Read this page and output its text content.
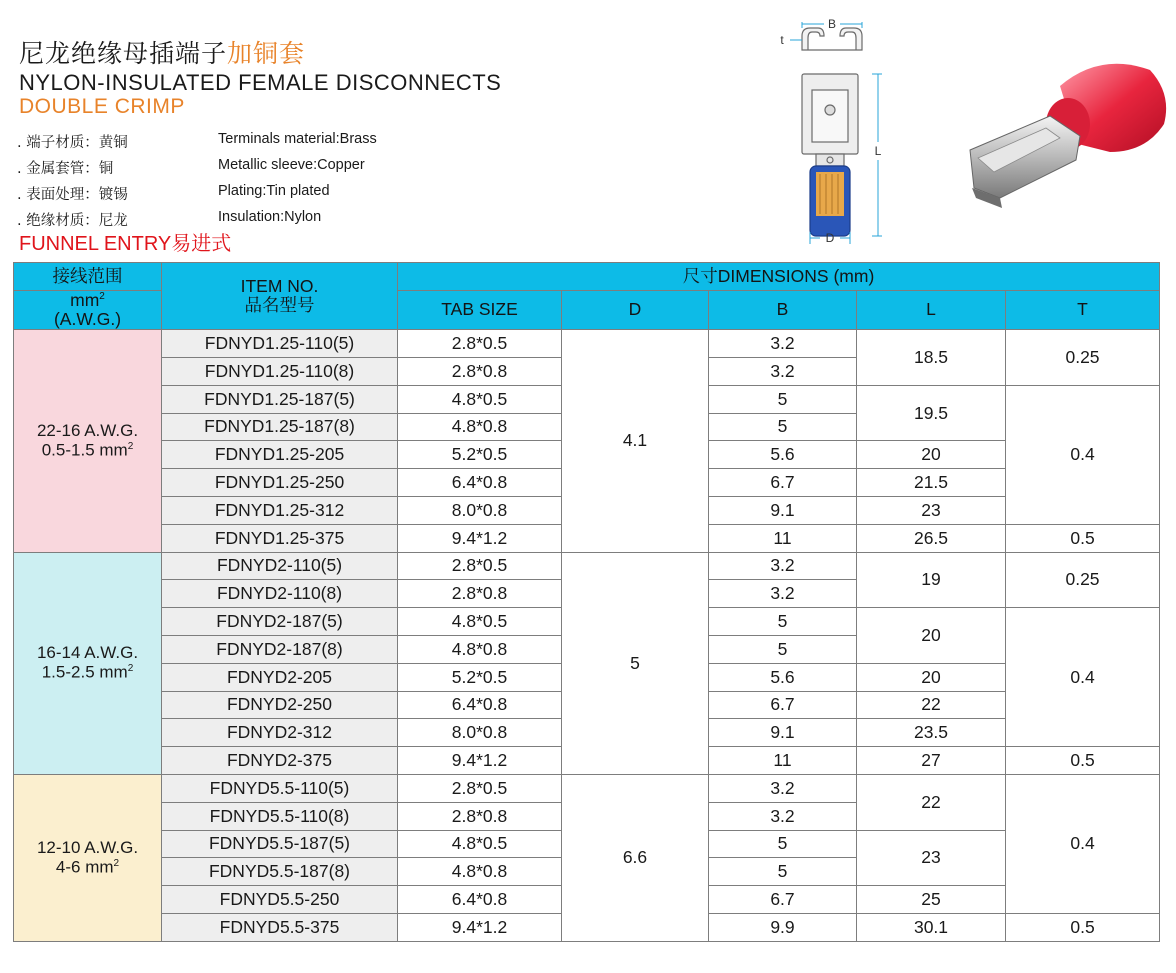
尼龙绝缘母插端子加铜套
NYLON-INSULATED FEMALE DISCONNECTS
DOUBLE CRIMP
. 端子材质：黄铜	Terminals material:Brass
. 金属套管：铜	Metallic sleeve:Copper
. 表面处理：镀锡	Plating:Tin plated
. 绝缘材质：尼龙	Insulation:Nylon
FUNNEL ENTRY易进式
B
t
L
D
接线范围	ITEM NO.
品名型号	尺寸DIMENSIONS (mm)				
$mm^2$
(A.W.G.)		TAB SIZE	D	B	L	T
22-16 A.W.G.
0.5-1.5 $mm^2$	FDNYD1.25-110(5)	2.8*0.5	4.1	3.2	18.5	0.25
	FDNYD1.25-110(8)	2.8*0.8		3.2		
	FDNYD1.25-187(5)	4.8*0.5		5	19.5	0.4
	FDNYD1.25-187(8)	4.8*0.8		5		
	FDNYD1.25-205	5.2*0.5		5.6	20	
	FDNYD1.25-250	6.4*0.8		6.7	21.5	
	FDNYD1.25-312	8.0*0.8		9.1	23	
	FDNYD1.25-375	9.4*1.2		11	26.5	0.5
16-14 A.W.G.
1.5-2.5 $mm^2$	FDNYD2-110(5)	2.8*0.5	5	3.2	19	0.25
	FDNYD2-110(8)	2.8*0.8		3.2		
	FDNYD2-187(5)	4.8*0.5		5	20	0.4
	FDNYD2-187(8)	4.8*0.8		5		
	FDNYD2-205	5.2*0.5		5.6	20	
	FDNYD2-250	6.4*0.8		6.7	22	
	FDNYD2-312	8.0*0.8		9.1	23.5	
	FDNYD2-375	9.4*1.2		11	27	0.5
12-10 A.W.G.
4-6 $mm^2$	FDNYD5.5-110(5)	2.8*0.5	6.6	3.2	22	0.4
	FDNYD5.5-110(8)	2.8*0.8		3.2		
	FDNYD5.5-187(5)	4.8*0.5		5	23	
	FDNYD5.5-187(8)	4.8*0.8		5		
	FDNYD5.5-250	6.4*0.8		6.7	25	
	FDNYD5.5-375	9.4*1.2		9.9	30.1	0.5
